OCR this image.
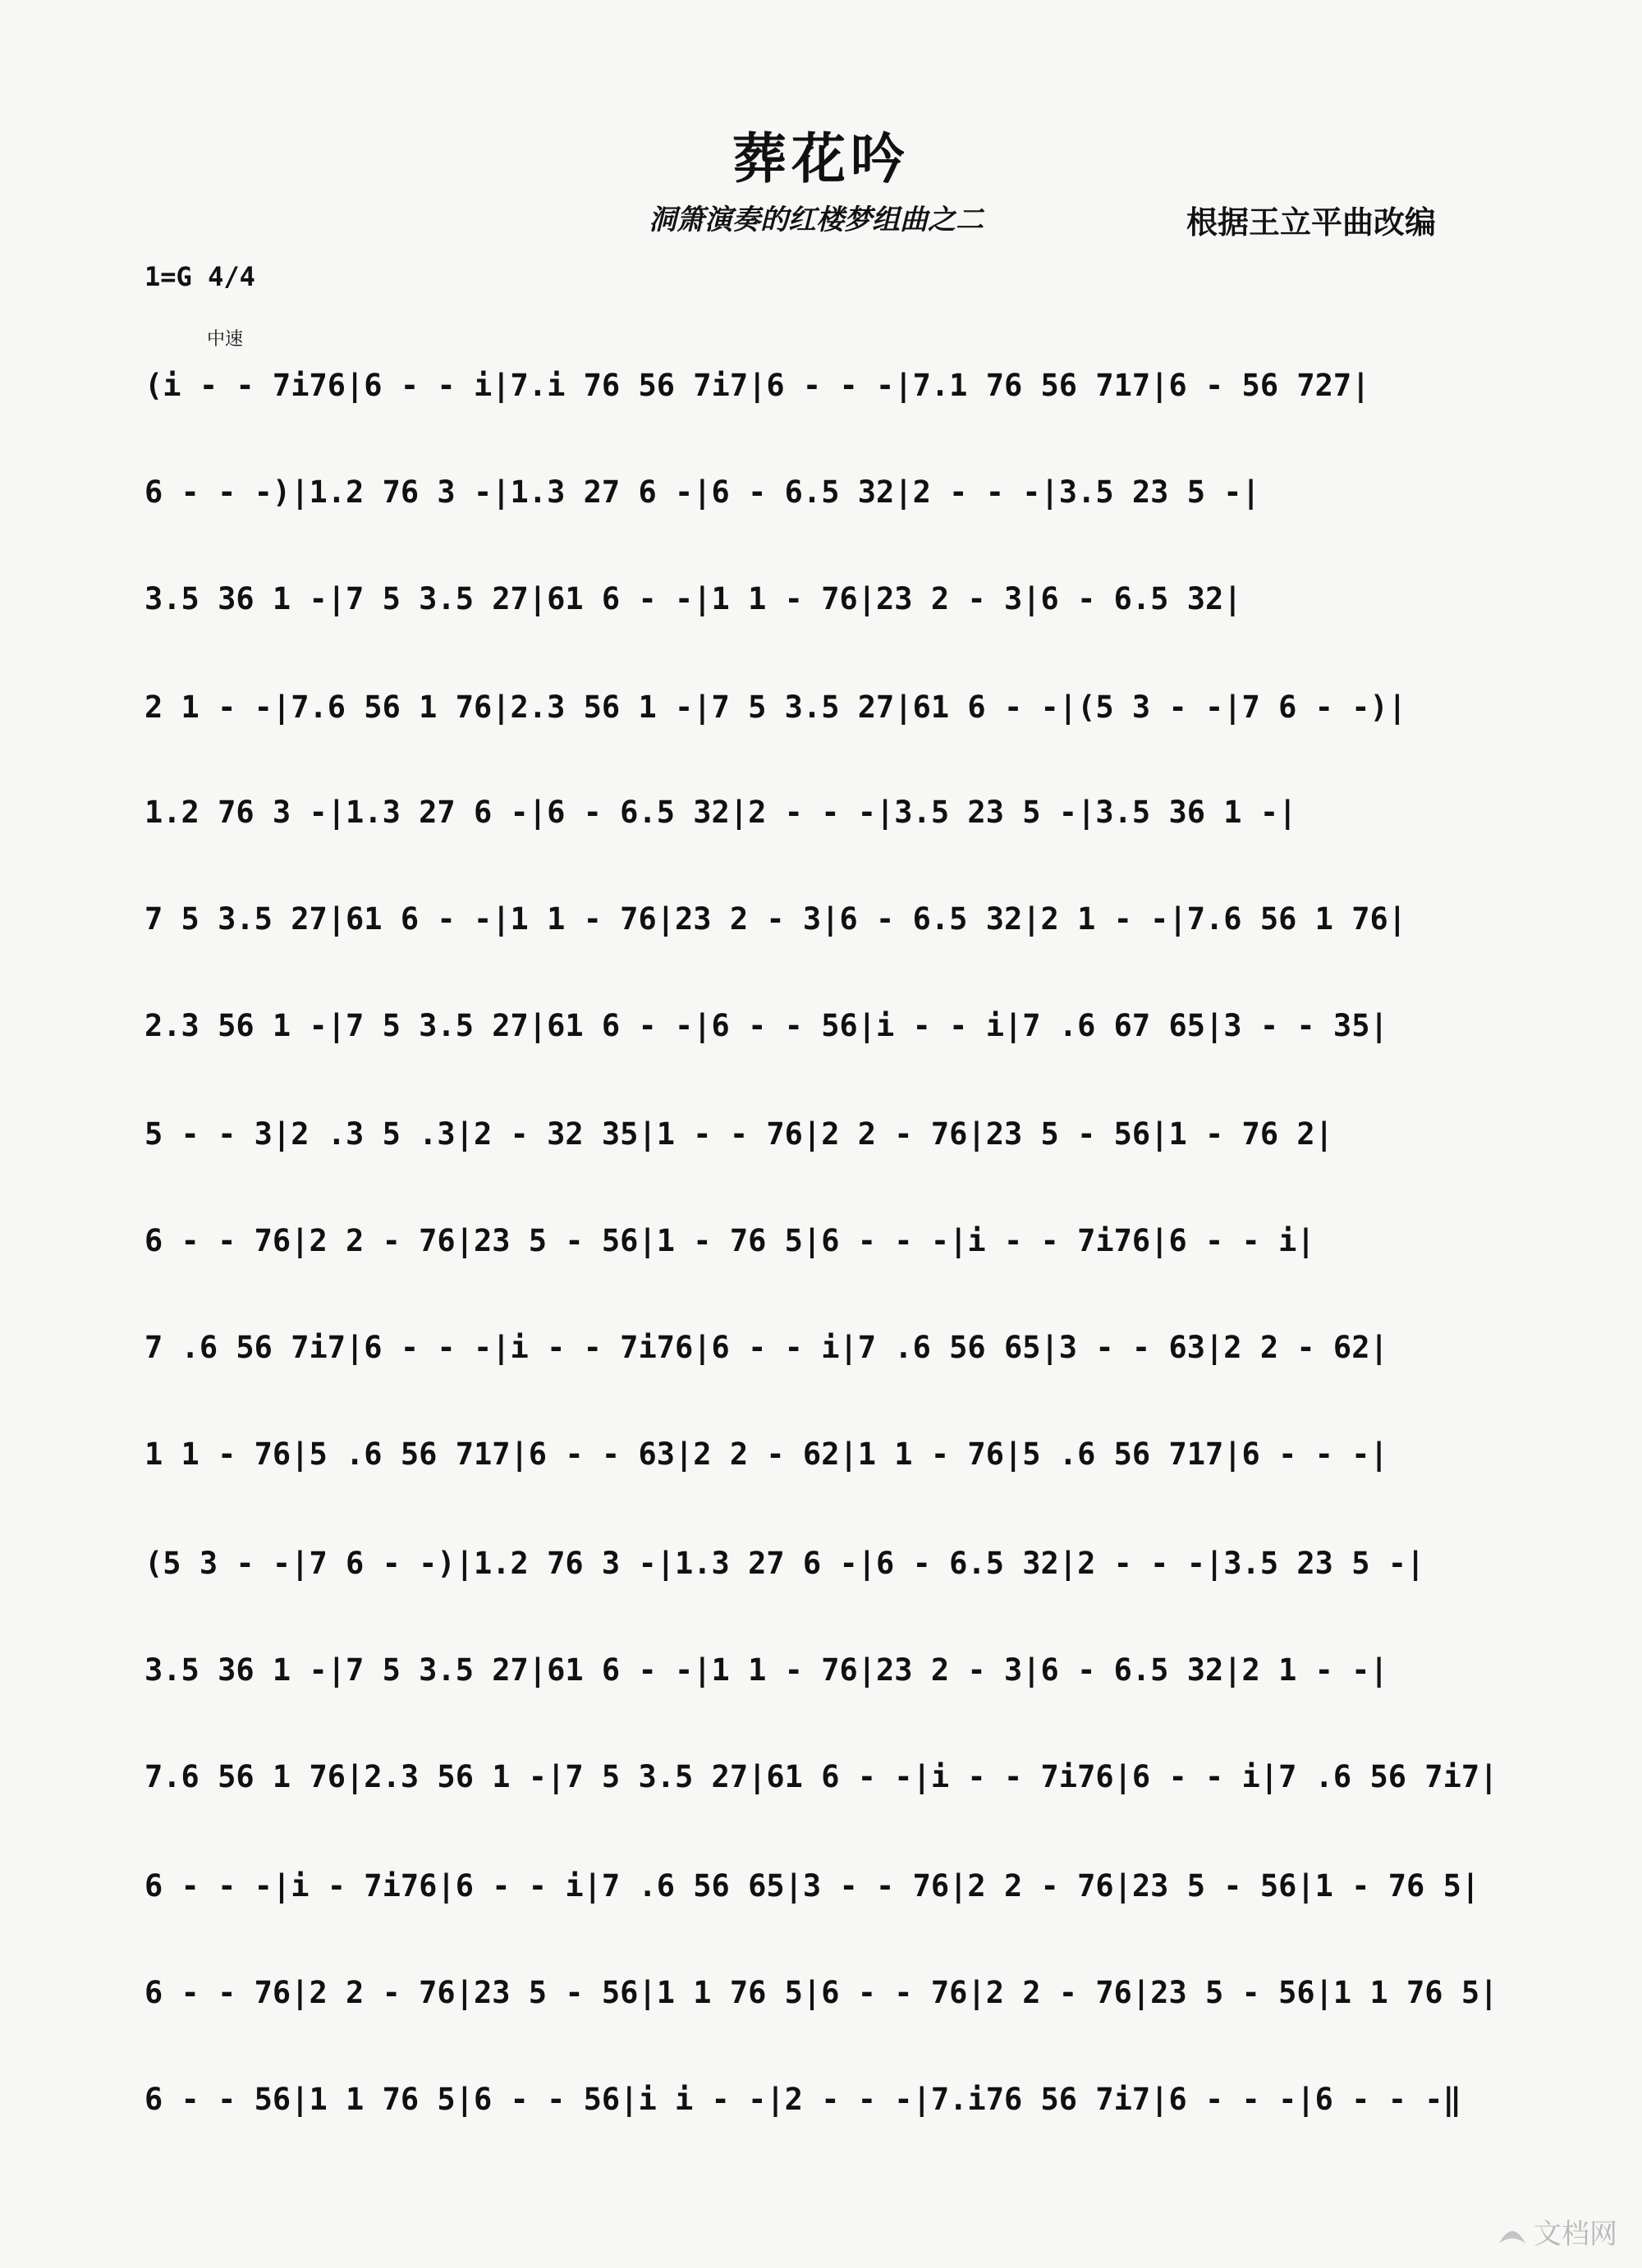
葬花吟
洞箫演奏的红楼梦组曲之二	根据王立平曲改编
1=G 4/4
中速
(i - - 7i76|6 - - i|7.i 76 56 7i7|6 - - -|7.1 76 56 717|6 - 56 727|
6 - - -)|1.2 76 3 -|1.3 27 6 -|6 - 6.5 32|2 - - -|3.5 23 5 -|
3.5 36 1 -|7 5 3.5 27|61 6 - -|1 1 - 76|23 2 - 3|6 - 6.5 32|
2 1 - -|7.6 56 1 76|2.3 56 1 -|7 5 3.5 27|61 6 - -|(5 3 - -|7 6 - -)|
1.2 76 3 -|1.3 27 6 -|6 - 6.5 32|2 - - -|3.5 23 5 -|3.5 36 1 -|
7 5 3.5 27|61 6 - -|1 1 - 76|23 2 - 3|6 - 6.5 32|2 1 - -|7.6 56 1 76|
2.3 56 1 -|7 5 3.5 27|61 6 - -|6 - - 56|i - - i|7 .6 67 65|3 - - 35|
5 - - 3|2 .3 5 .3|2 - 32 35|1 - - 76|2 2 - 76|23 5 - 56|1 - 76 2|
6 - - 76|2 2 - 76|23 5 - 56|1 - 76 5|6 - - -|i - - 7i76|6 - - i|
7 .6 56 7i7|6 - - -|i - - 7i76|6 - - i|7 .6 56 65|3 - - 63|2 2 - 62|
1 1 - 76|5 .6 56 717|6 - - 63|2 2 - 62|1 1 - 76|5 .6 56 717|6 - - -|
(5 3 - -|7 6 - -)|1.2 76 3 -|1.3 27 6 -|6 - 6.5 32|2 - - -|3.5 23 5 -|
3.5 36 1 -|7 5 3.5 27|61 6 - -|1 1 - 76|23 2 - 3|6 - 6.5 32|2 1 - -|
7.6 56 1 76|2.3 56 1 -|7 5 3.5 27|61 6 - -|i - - 7i76|6 - - i|7 .6 56 7i7|
6 - - -|i - 7i76|6 - - i|7 .6 56 65|3 - - 76|2 2 - 76|23 5 - 56|1 - 76 5|
6 - - 76|2 2 - 76|23 5 - 56|1 1 76 5|6 - - 76|2 2 - 76|23 5 - 56|1 1 76 5|
6 - - 56|1 1 76 5|6 - - 56|i i - -|2 - - -|7.i76 56 7i7|6 - - -|6 - - -‖
文档网
